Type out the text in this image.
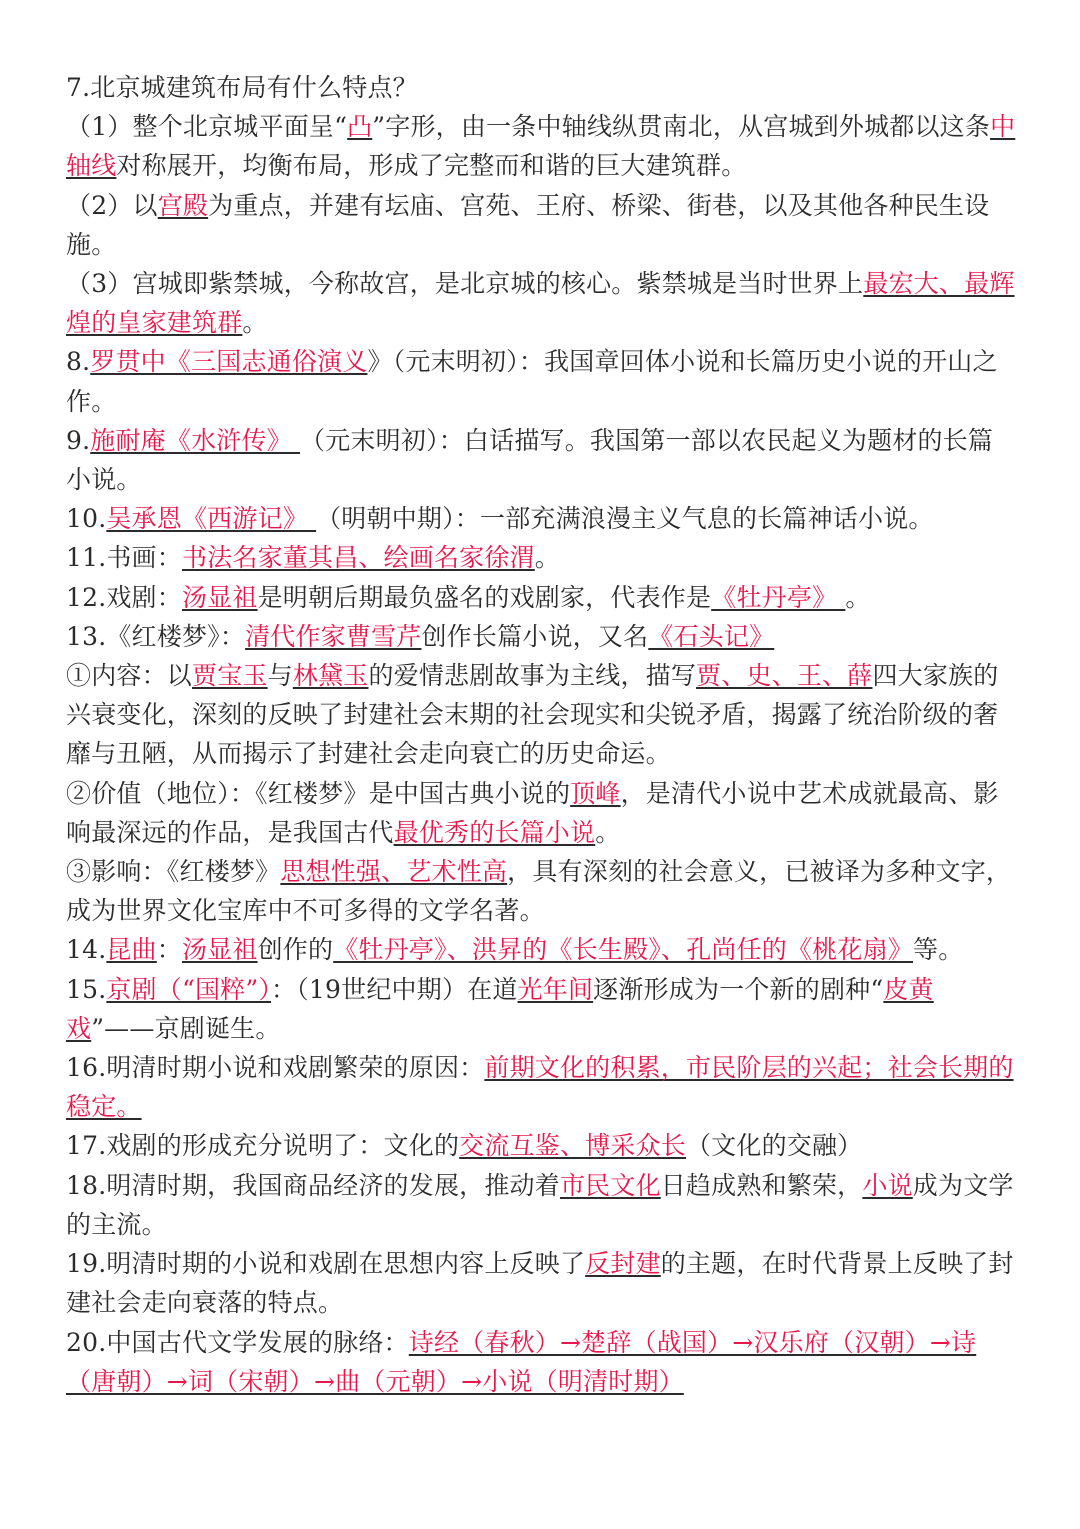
7.北京城建筑布局有什么特点？

（1）整个北京城平面呈“凸”字形，由一条中轴线纵贯南北，从宫城到外城都以这条中轴线对称展开，均衡布局，形成了完整而和谐的巨大建筑群。

（2）以宫殿为重点，并建有坛庙、宫苑、王府、桥梁、街巷，以及其他各种民生设施。

（3）宫城即紫禁城，今称故宫，是北京城的核心。紫禁城是当时世界上最宏大、最辉煌的皇家建筑群。

8.罗贯中《三国志通俗演义》（元末明初）：我国章回体小说和长篇历史小说的开山之作。

9.施耐庵《水浒传》 （元末明初）：白话描写。我国第一部以农民起义为题材的长篇小说。

10.吴承恩《西游记》 （明朝中期）：一部充满浪漫主义气息的长篇神话小说。

11.书画：书法名家董其昌、绘画名家徐渭。

12.戏剧：汤显祖是明朝后期最负盛名的戏剧家，代表作是《牡丹亭》 。

13.《红楼梦》：清代作家曹雪芹创作长篇小说，又名《石头记》

①内容：以贾宝玉与林黛玉的爱情悲剧故事为主线，描写贾、史、王、薛四大家族的兴衰变化，深刻的反映了封建社会末期的社会现实和尖锐矛盾，揭露了统治阶级的奢靡与丑陋，从而揭示了封建社会走向衰亡的历史命运。

②价值（地位）：《红楼梦》是中国古典小说的顶峰，是清代小说中艺术成就最高、影响最深远的作品，是我国古代最优秀的长篇小说。

③影响：《红楼梦》思想性强、艺术性高，具有深刻的社会意义，已被译为多种文字，成为世界文化宝库中不可多得的文学名著。

14.昆曲：汤显祖创作的《牡丹亭》、洪昇的《长生殿》、孔尚任的《桃花扇》等。

15.京剧（“国粹”）：（19世纪中期）在道光年间逐渐形成为一个新的剧种“皮黄戏”——京剧诞生。

16.明清时期小说和戏剧繁荣的原因：前期文化的积累，市民阶层的兴起；社会长期的稳定。

17.戏剧的形成充分说明了：文化的交流互鉴、博采众长（文化的交融）

18.明清时期，我国商品经济的发展，推动着市民文化日趋成熟和繁荣，小说成为文学的主流。

19.明清时期的小说和戏剧在思想内容上反映了反封建的主题，在时代背景上反映了封建社会走向衰落的特点。

20.中国古代文学发展的脉络：诗经（春秋）→楚辞（战国）→汉乐府（汉朝）→诗（唐朝）→词（宋朝）→曲（元朝）→小说（明清时期）
